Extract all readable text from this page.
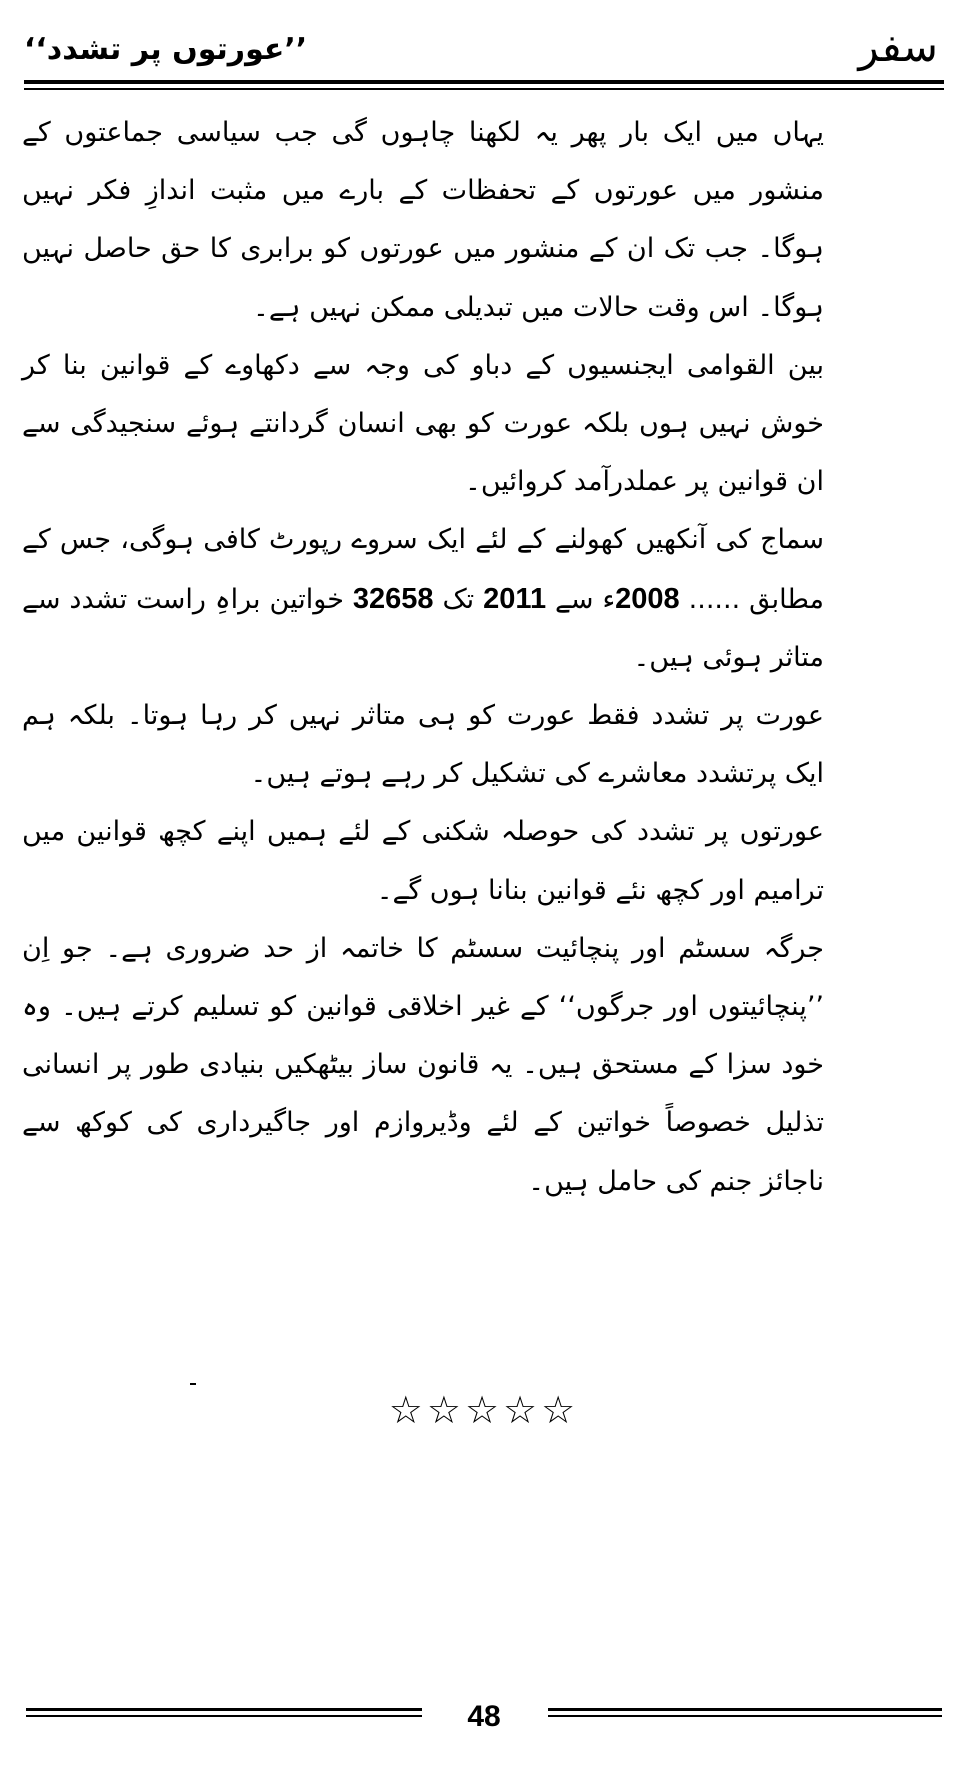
’’عورتوں پر تشدد‘‘	سفر

یہاں میں ایک بار پھر یہ لکھنا چاہوں گی جب سیاسی جماعتوں کے منشور میں عورتوں کے تحفظات کے بارے میں مثبت اندازِ فکر نہیں ہوگا۔ جب تک ان کے منشور میں عورتوں کو برابری کا حق حاصل نہیں ہوگا۔ اس وقت حالات میں تبدیلی ممکن نہیں ہے۔

بین القوامی ایجنسیوں کے دباو کی وجہ سے دکھاوے کے قوانین بنا کر خوش نہیں ہوں بلکہ عورت کو بھی انسان گردانتے ہوئے سنجیدگی سے ان قوانین پر عملدرآمد کروائیں۔

سماج کی آنکھیں کھولنے کے لئے ایک سروے رپورٹ کافی ہوگی، جس کے مطابق ...... 2008ء سے 2011 تک 32658 خواتین براہِ راست تشدد سے متاثر ہوئی ہیں۔

عورت پر تشدد فقط عورت کو ہی متاثر نہیں کر رہا ہوتا۔ بلکہ ہم ایک پرتشدد معاشرے کی تشکیل کر رہے ہوتے ہیں۔

عورتوں پر تشدد کی حوصلہ شکنی کے لئے ہمیں اپنے کچھ قوانین میں ترامیم اور کچھ نئے قوانین بنانا ہوں گے۔

جرگہ سسٹم اور پنچائیت سسٹم کا خاتمہ از حد ضروری ہے۔ جو اِن ’’پنچائیتوں اور جرگوں‘‘ کے غیر اخلاقی قوانین کو تسلیم کرتے ہیں۔ وہ خود سزا کے مستحق ہیں۔ یہ قانون ساز بیٹھکیں بنیادی طور پر انسانی تذلیل خصوصاً خواتین کے لئے وڈیروازم اور جاگیرداری کی کوکھ سے ناجائز جنم کی حامل ہیں۔

☆☆☆☆☆
48
